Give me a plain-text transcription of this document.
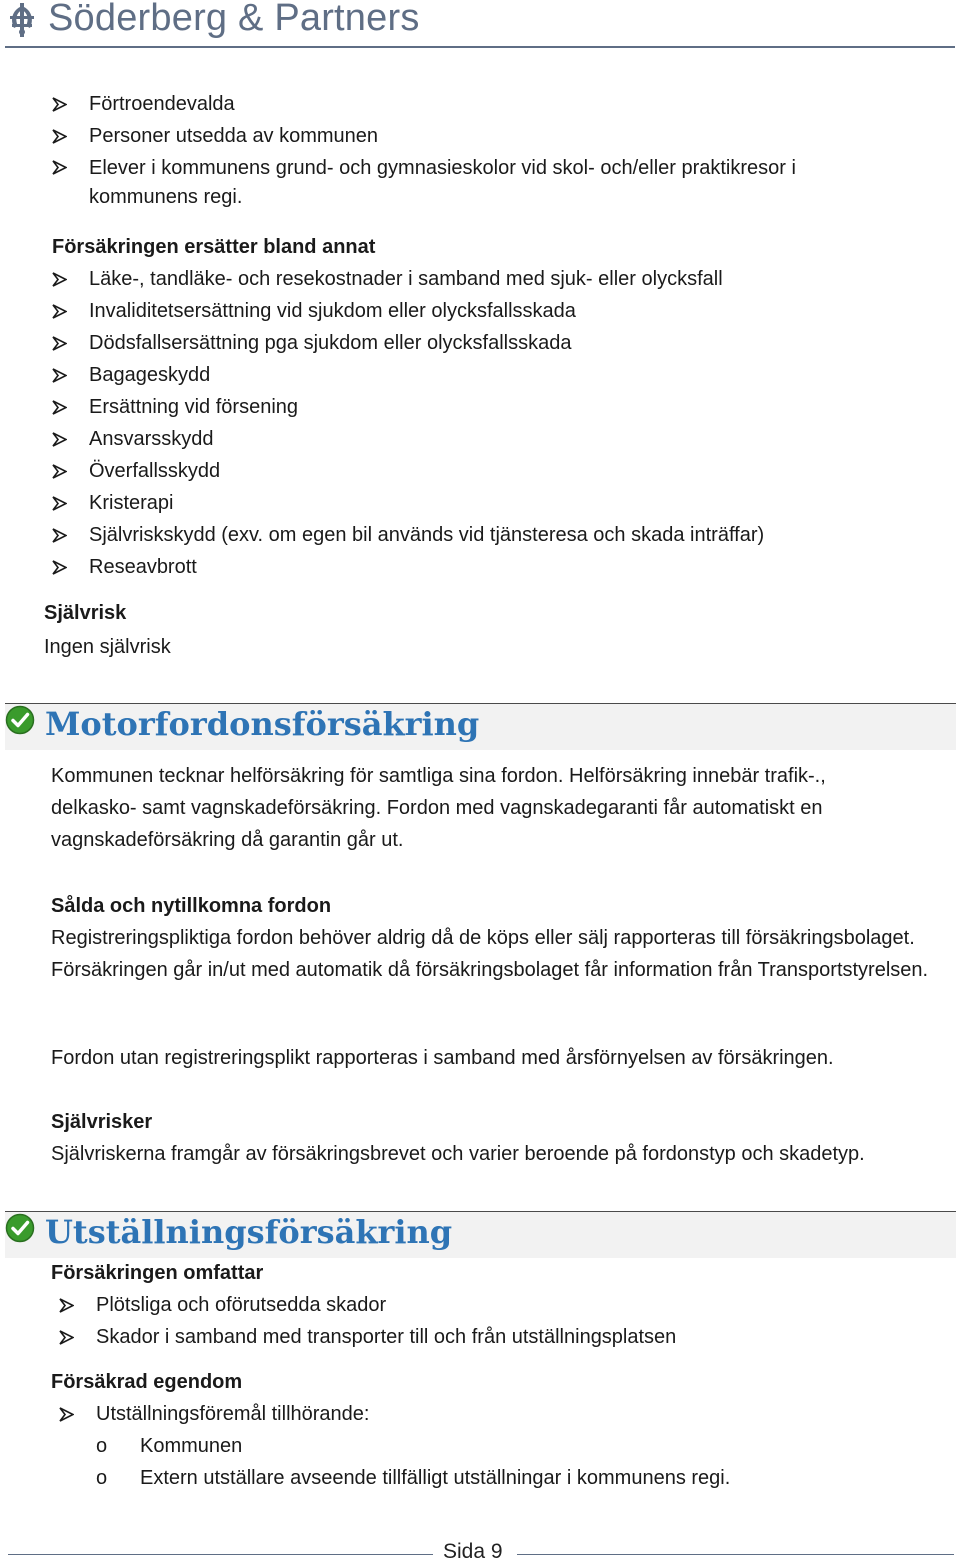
Söderberg & Partners
Förtroendevalda
Personer utsedda av kommunen
Elever i kommunens grund- och gymnasieskolor vid skol- och/eller praktikresor i kommunens regi.
Försäkringen ersätter bland annat
Läke-, tandläke- och resekostnader i samband med sjuk- eller olycksfall
Invaliditetsersättning vid sjukdom eller olycksfallsskada
Dödsfallsersättning pga sjukdom eller olycksfallsskada
Bagageskydd
Ersättning vid försening
Ansvarsskydd
Överfallsskydd
Kristerapi
Självriskskydd (exv. om egen bil används vid tjänsteresa och skada inträffar)
Reseavbrott
Självrisk
Ingen självrisk
Motorfordonsförsäkring
Kommunen tecknar helförsäkring för samtliga sina fordon. Helförsäkring innebär trafik-., delkasko- samt vagnskadeförsäkring. Fordon med vagnskadegaranti får automatiskt en vagnskadeförsäkring då garantin går ut.
Sålda och nytillkomna fordon
Registreringspliktiga fordon behöver aldrig då de köps eller sälj rapporteras till försäkringsbolaget. Försäkringen går in/ut med automatik då försäkringsbolaget får information från Transportstyrelsen.
Fordon utan registreringsplikt rapporteras i samband med årsförnyelsen av försäkringen.
Självrisker
Självriskerna framgår av försäkringsbrevet och varier beroende på fordonstyp och skadetyp.
Utställningsförsäkring
Försäkringen omfattar
Plötsliga och oförutsedda skador
Skador i samband med transporter till och från utställningsplatsen
Försäkrad egendom
Utställningsföremål tillhörande:
o Kommunen
o Extern utställare avseende tillfälligt utställningar i kommunens regi.
Sida 9
